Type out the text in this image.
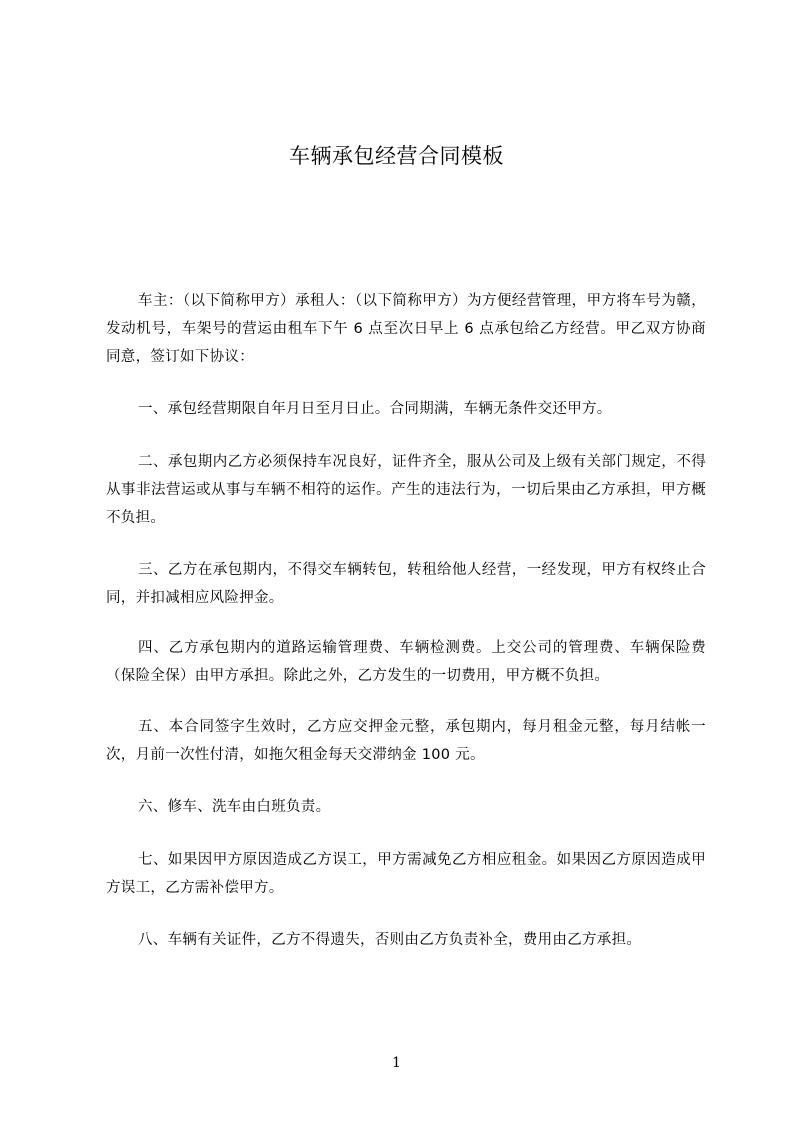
车辆承包经营合同模板

车主：（以下简称甲方）承租人：（以下简称甲方）为方便经营管理，甲方将车号为赣，发动机号，车架号的营运由租车下午 6 点至次日早上 6 点承包给乙方经营。甲乙双方协商同意，签订如下协议：

一、承包经营期限自年月日至月日止。合同期满，车辆无条件交还甲方。

二、承包期内乙方必须保持车况良好，证件齐全，服从公司及上级有关部门规定，不得从事非法营运或从事与车辆不相符的运作。产生的违法行为，一切后果由乙方承担，甲方概不负担。

三、乙方在承包期内，不得交车辆转包，转租给他人经营，一经发现，甲方有权终止合同，并扣减相应风险押金。

四、乙方承包期内的道路运输管理费、车辆检测费。上交公司的管理费、车辆保险费（保险全保）由甲方承担。除此之外，乙方发生的一切费用，甲方概不负担。

五、本合同签字生效时，乙方应交押金元整，承包期内，每月租金元整，每月结帐一次，月前一次性付清，如拖欠租金每天交滞纳金 100 元。

六、修车、洗车由白班负责。

七、如果因甲方原因造成乙方误工，甲方需减免乙方相应租金。如果因乙方原因造成甲方误工，乙方需补偿甲方。

八、车辆有关证件，乙方不得遗失，否则由乙方负责补全，费用由乙方承担。

1
